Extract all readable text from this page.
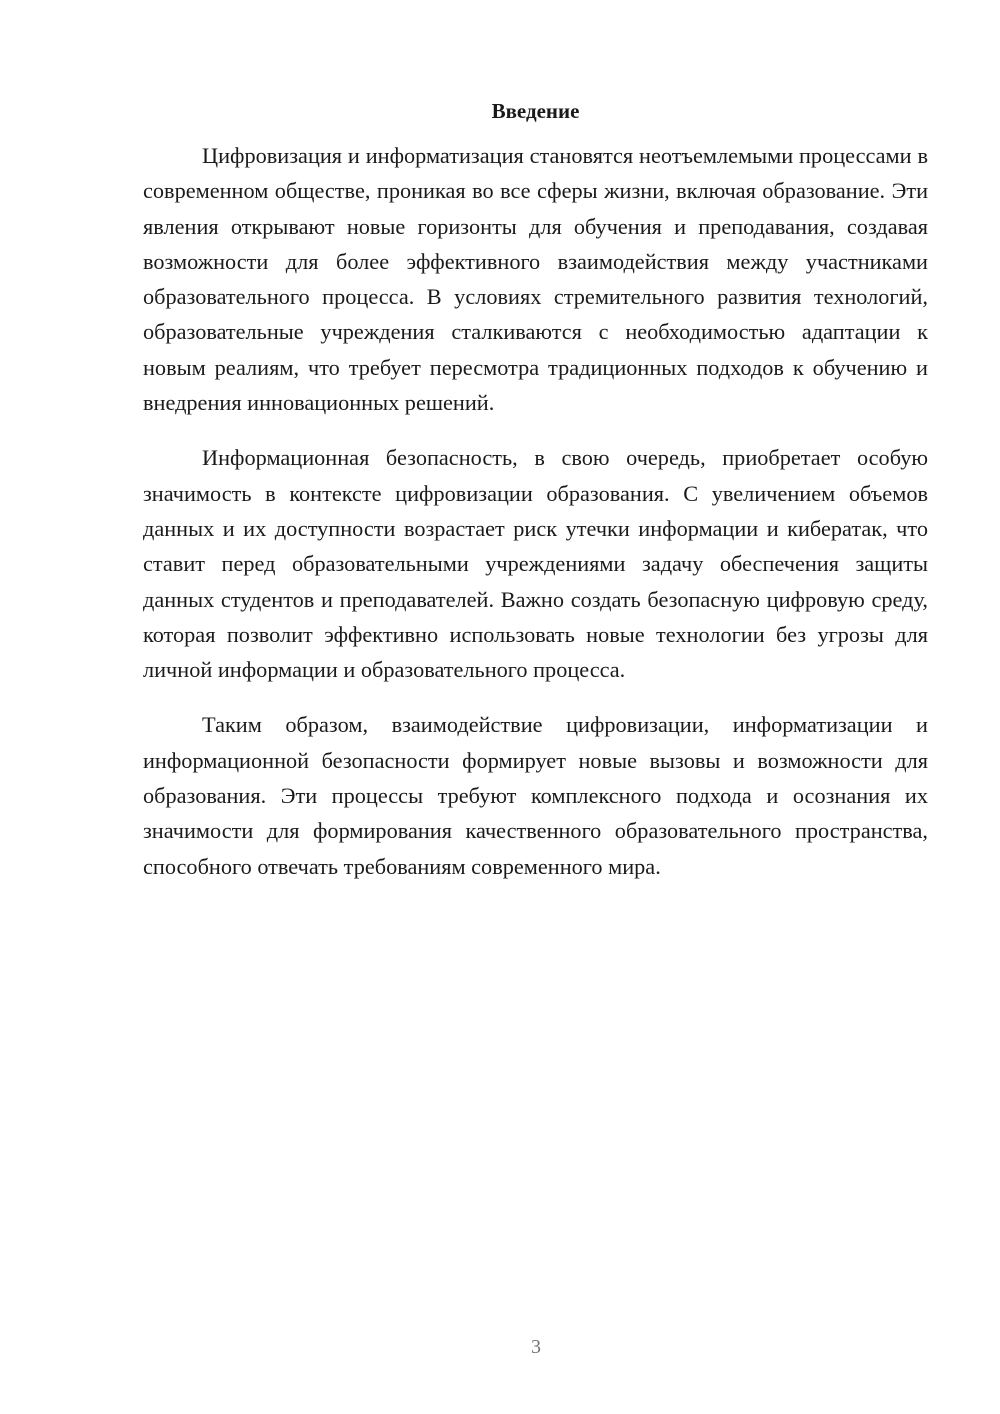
Введение

Цифровизация и информатизация становятся неотъемлемыми процессами в современном обществе, проникая во все сферы жизни, включая образование. Эти явления открывают новые горизонты для обучения и преподавания, создавая возможности для более эффективного взаимодействия между участниками образовательного процесса. В условиях стремительного развития технологий, образовательные учреждения сталкиваются с необходимостью адаптации к новым реалиям, что требует пересмотра традиционных подходов к обучению и внедрения инновационных решений.

Информационная безопасность, в свою очередь, приобретает особую значимость в контексте цифровизации образования. С увеличением объемов данных и их доступности возрастает риск утечки информации и кибератак, что ставит перед образовательными учреждениями задачу обеспечения защиты данных студентов и преподавателей. Важно создать безопасную цифровую среду, которая позволит эффективно использовать новые технологии без угрозы для личной информации и образовательного процесса.

Таким образом, взаимодействие цифровизации, информатизации и информационной безопасности формирует новые вызовы и возможности для образования. Эти процессы требуют комплексного подхода и осознания их значимости для формирования качественного образовательного пространства, способного отвечать требованиям современного мира.

3
